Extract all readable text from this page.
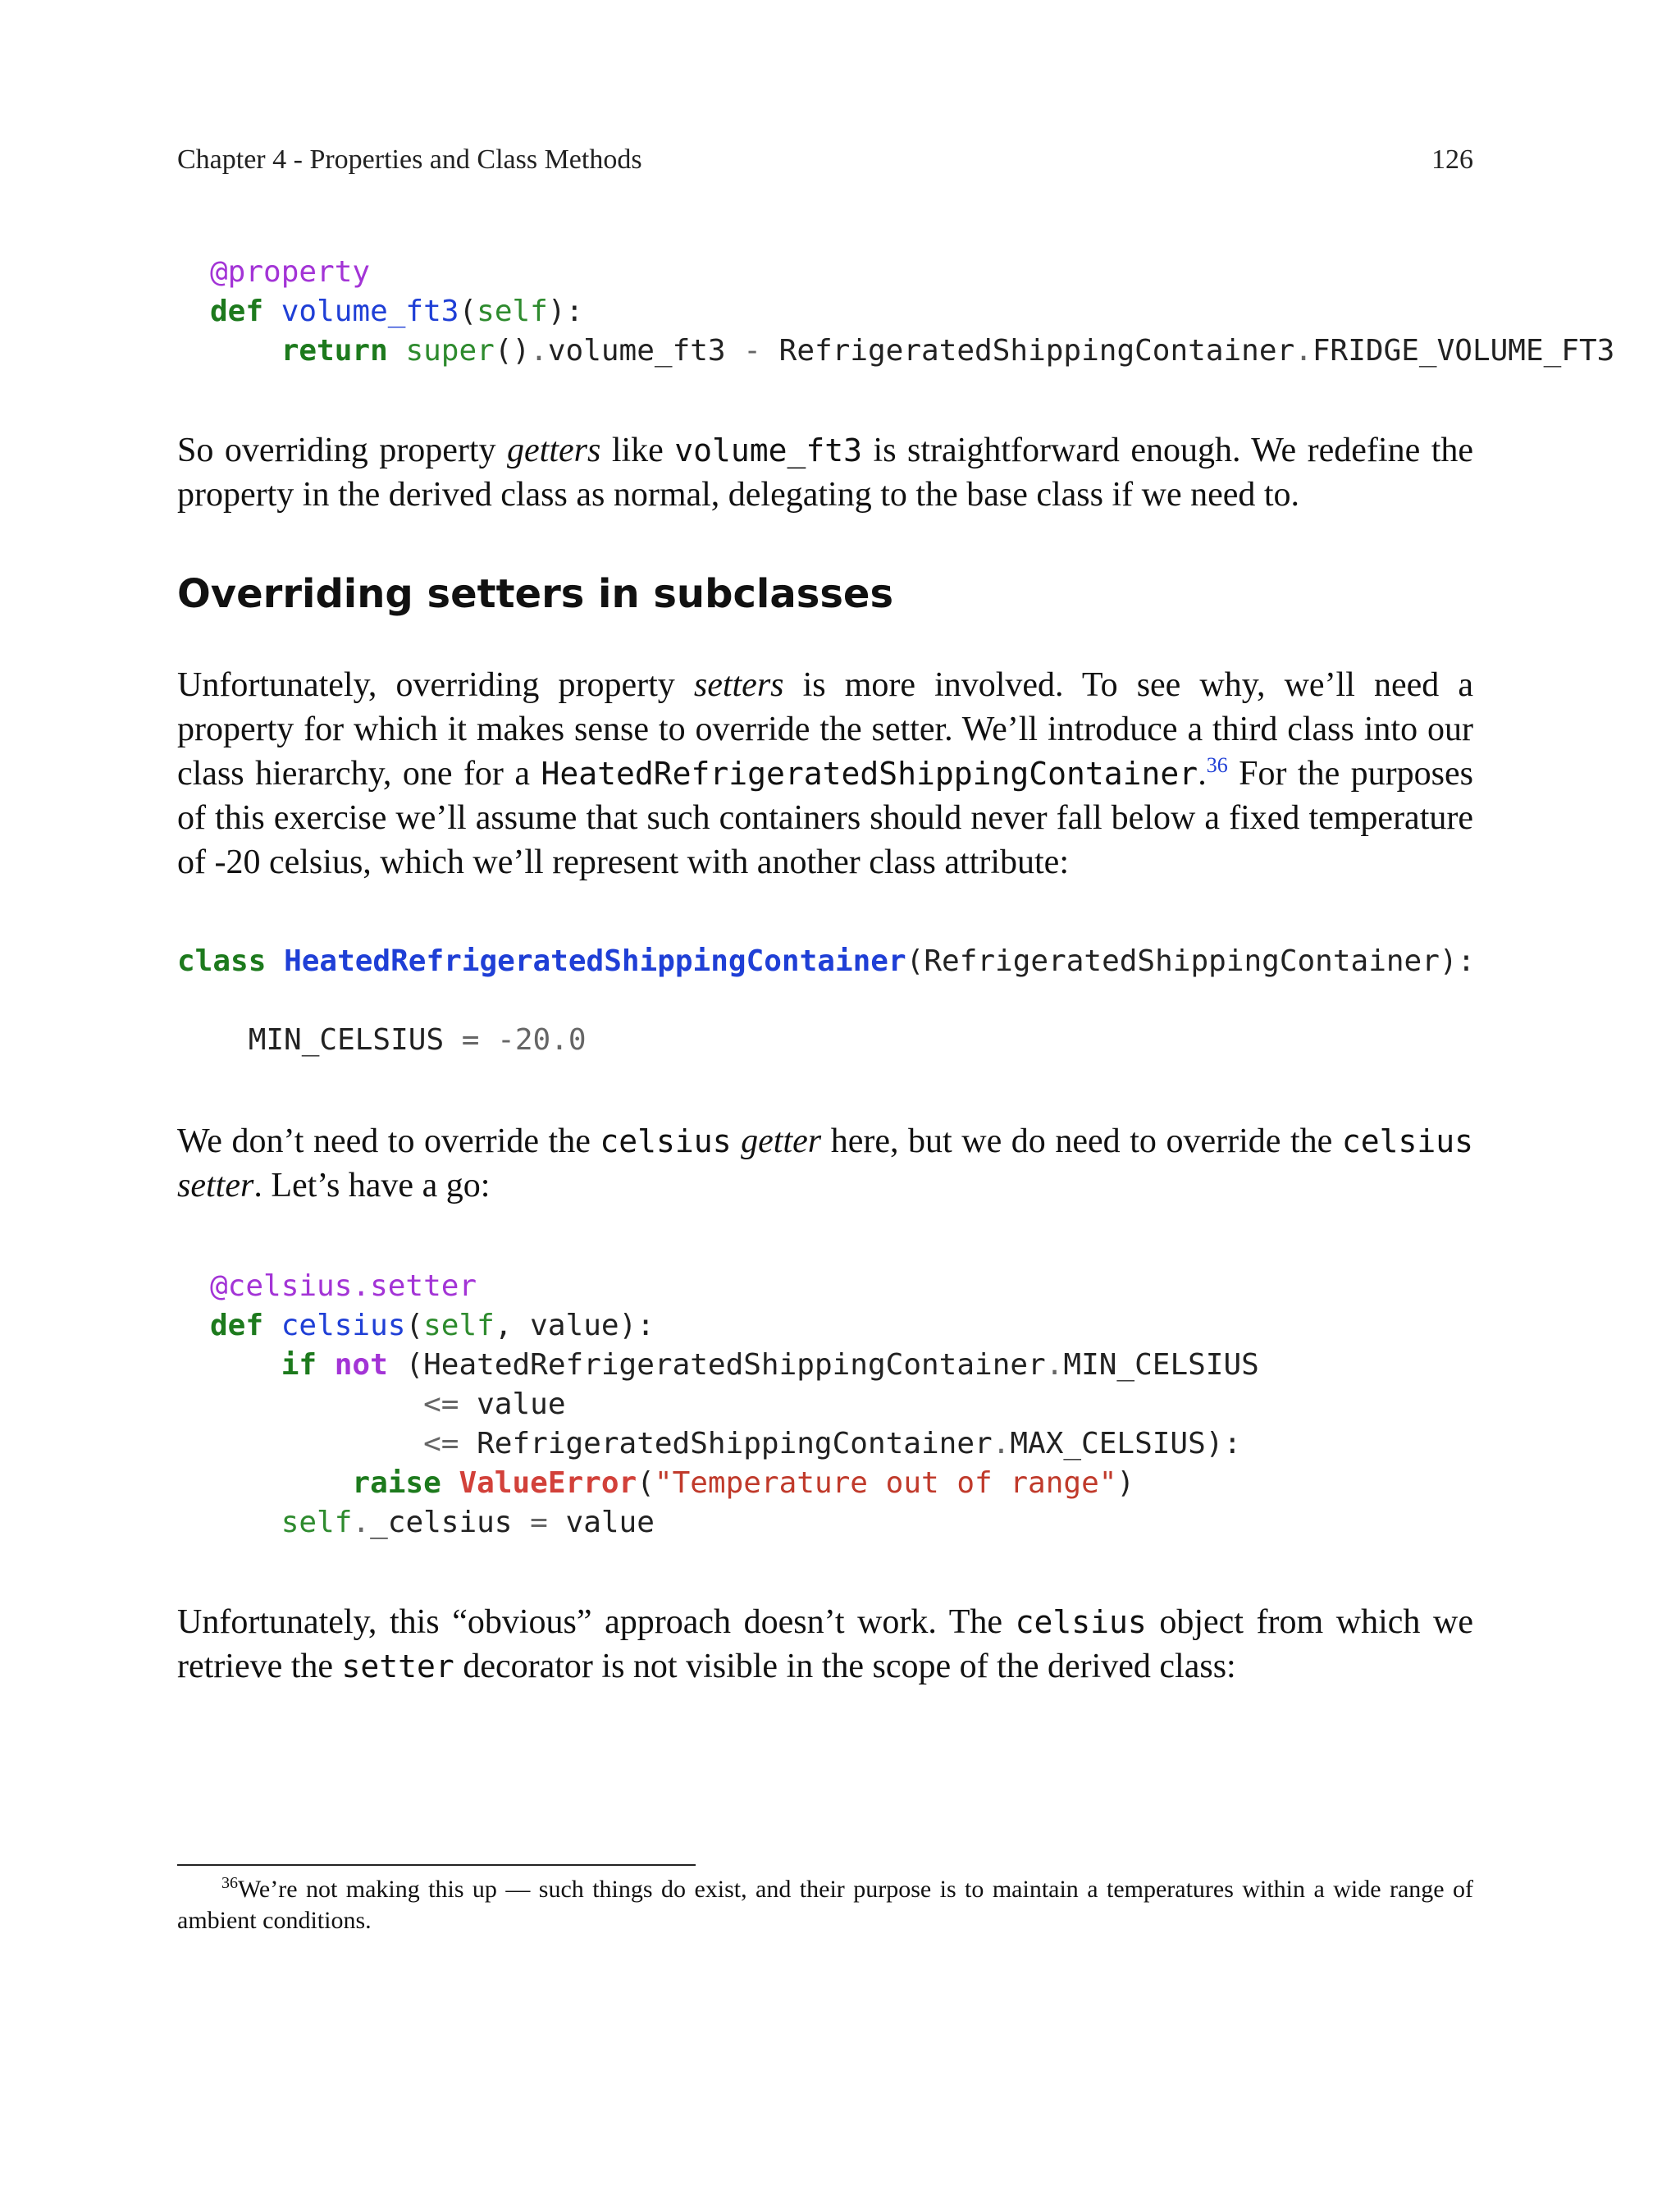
Chapter 4 - Properties and Class Methods	126
@property
def volume_ft3(self):
return super().volume_ft3 - RefrigeratedShippingContainer.FRIDGE_VOLUME_FT3

So overriding property getters like volume_ft3 is straightforward enough. We redefine the property in the derived class as normal, delegating to the base class if we need to.

Overriding setters in subclasses

Unfortunately, overriding property setters is more involved. To see why, we’ll need a property for which it makes sense to override the setter. We’ll introduce a third class into our class hierarchy, one for a HeatedRefrigeratedShippingContainer.$^{36}$ For the purposes of this exercise we’ll assume that such containers should never fall below a fixed temperature of -20 celsius, which we’ll represent with another class attribute:

class HeatedRefrigeratedShippingContainer(RefrigeratedShippingContainer):

MIN_CELSIUS = -20.0

We don’t need to override the celsius getter here, but we do need to override the celsius setter. Let’s have a go:

@celsius.setter
def celsius(self, value):
if not (HeatedRefrigeratedShippingContainer.MIN_CELSIUS
<= value
<= RefrigeratedShippingContainer.MAX_CELSIUS):
raise ValueError("Temperature out of range")
self._celsius = value

Unfortunately, this “obvious” approach doesn’t work. The celsius object from which we retrieve the setter decorator is not visible in the scope of the derived class:

$^{36}$We’re not making this up — such things do exist, and their purpose is to maintain a temperatures within a wide range of ambient conditions.
